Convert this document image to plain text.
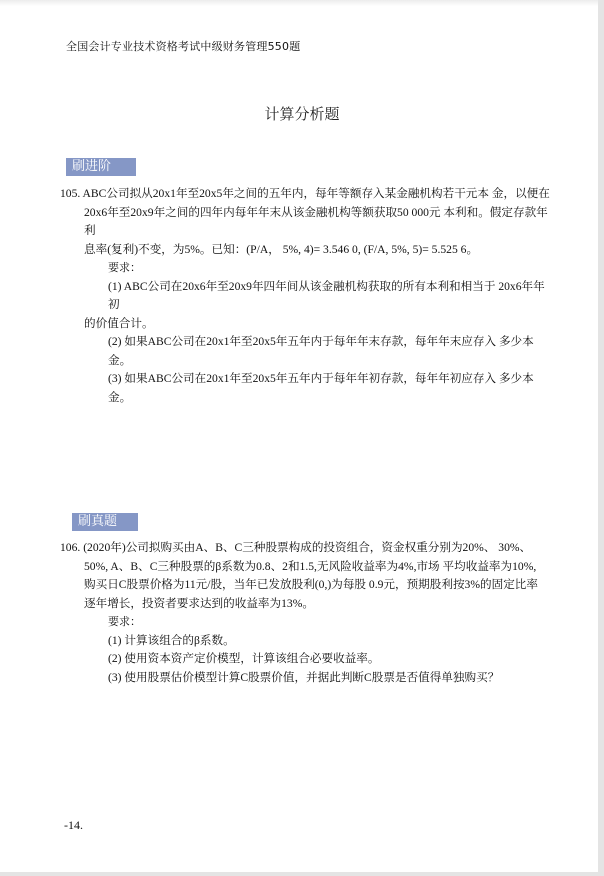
全国会计专业技术资格考试中级财务管理550题
计算分析题
刷进阶

105. ABC公司拟从20x1年至20x5年之间的五年内，每年等额存入某金融机构若干元本 金，以便在

20x6年至20x9年之间的四年内每年年末从该金融机构等额获取50 000元 本利和。假定存款年利

息率(复利)不变，为5%。已知：(P/A， 5%, 4)= 3.546 0, (F/A, 5%, 5)= 5.525 6。

要求：

(1) ABC公司在20x6年至20x9年四年间从该金融机构获取的所有本利和相当于 20x6年年初

的价值合计。

(2) 如果ABC公司在20x1年至20x5年五年内于每年年末存款，每年年末应存入 多少本金。

(3) 如果ABC公司在20x1年至20x5年五年内于每年年初存款，每年年初应存入 多少本金。

刷真题

106. (2020年)公司拟购买由A、B、C三种股票构成的投资组合，资金权重分别为20%、 30%、

50%, A、B、C三种股票的β系数为0.8、2和1.5,无风险收益率为4%,市场 平均收益率为10%,

购买日C股票价格为11元/股，当年已发放股利(0,)为每股 0.9元，预期股利按3%的固定比率

逐年增长，投资者要求达到的收益率为13%。

要求：

(1) 计算该组合的β系数。

(2) 使用资本资产定价模型，计算该组合必要收益率。

(3) 使用股票估价模型计算C股票价值，并据此判断C股票是否值得单独购买？

-14.
